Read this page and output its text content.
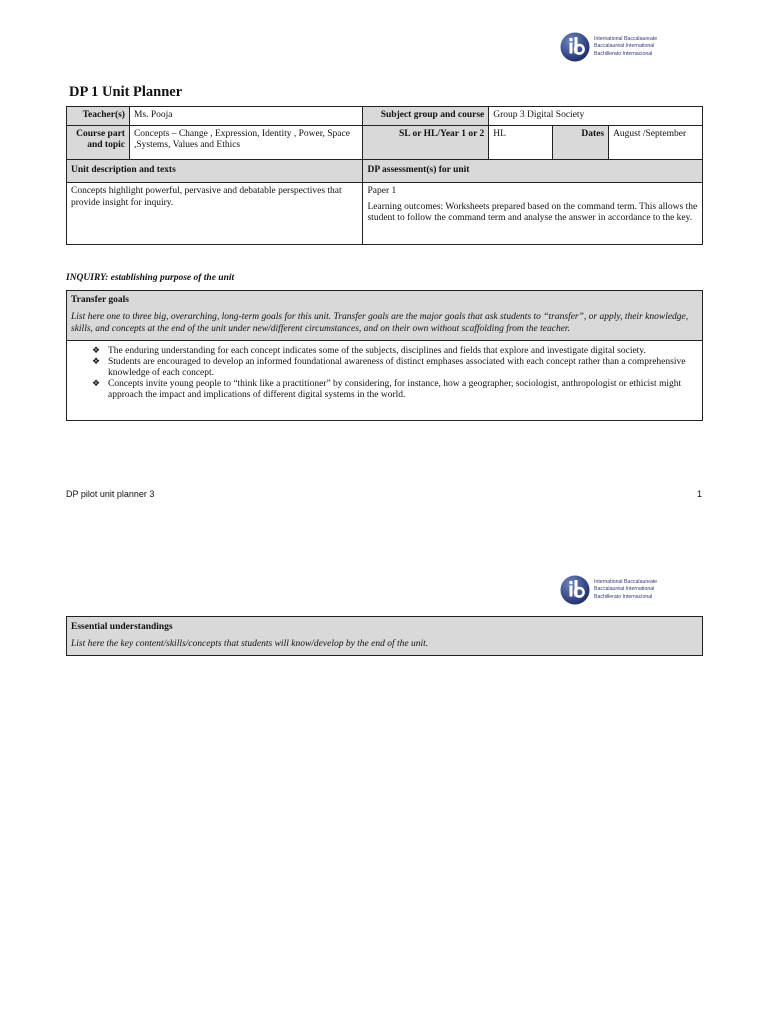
International Baccalaureate
Baccalauréat International
Bachillerato Internacional
DP 1 Unit Planner
Teacher(s)	Ms. Pooja	Subject group and course	Group 3 Digital Society		
Course part and topic	Concepts – Change , Expression, Identity , Power, Space ,Systems, Values and Ethics	SL or HL/Year 1 or 2	HL	Dates	August /September
Unit description and texts		DP assessment(s) for unit			
Concepts highlight powerful, pervasive and debatable perspectives that provide insight for inquiry.		Paper 1
Learning outcomes: Worksheets prepared based on the command term. This allows the student to follow the command term and analyse the answer in accordance to the key.			
INQUIRY: establishing purpose of the unit
Transfer goals
List here one to three big, overarching, long-term goals for this unit. Transfer goals are the major goals that ask students to “transfer”, or apply, their knowledge, skills, and concepts at the end of the unit under new/different circumstances, and on their own without scaffolding from the teacher.
❖ The enduring understanding for each concept indicates some of the subjects, disciplines and fields that explore and investigate digital society.
❖ Students are encouraged to develop an informed foundational awareness of distinct emphases associated with each concept rather than a comprehensive knowledge of each concept.
❖ Concepts invite young people to “think like a practitioner” by considering, for instance, how a geographer, sociologist, anthropologist or ethicist might approach the impact and implications of different digital systems in the world.
DP pilot unit planner 3	1
International Baccalaureate
Baccalauréat International
Bachillerato Internacional
Essential understandings
List here the key content/skills/concepts that students will know/develop by the end of the unit.
